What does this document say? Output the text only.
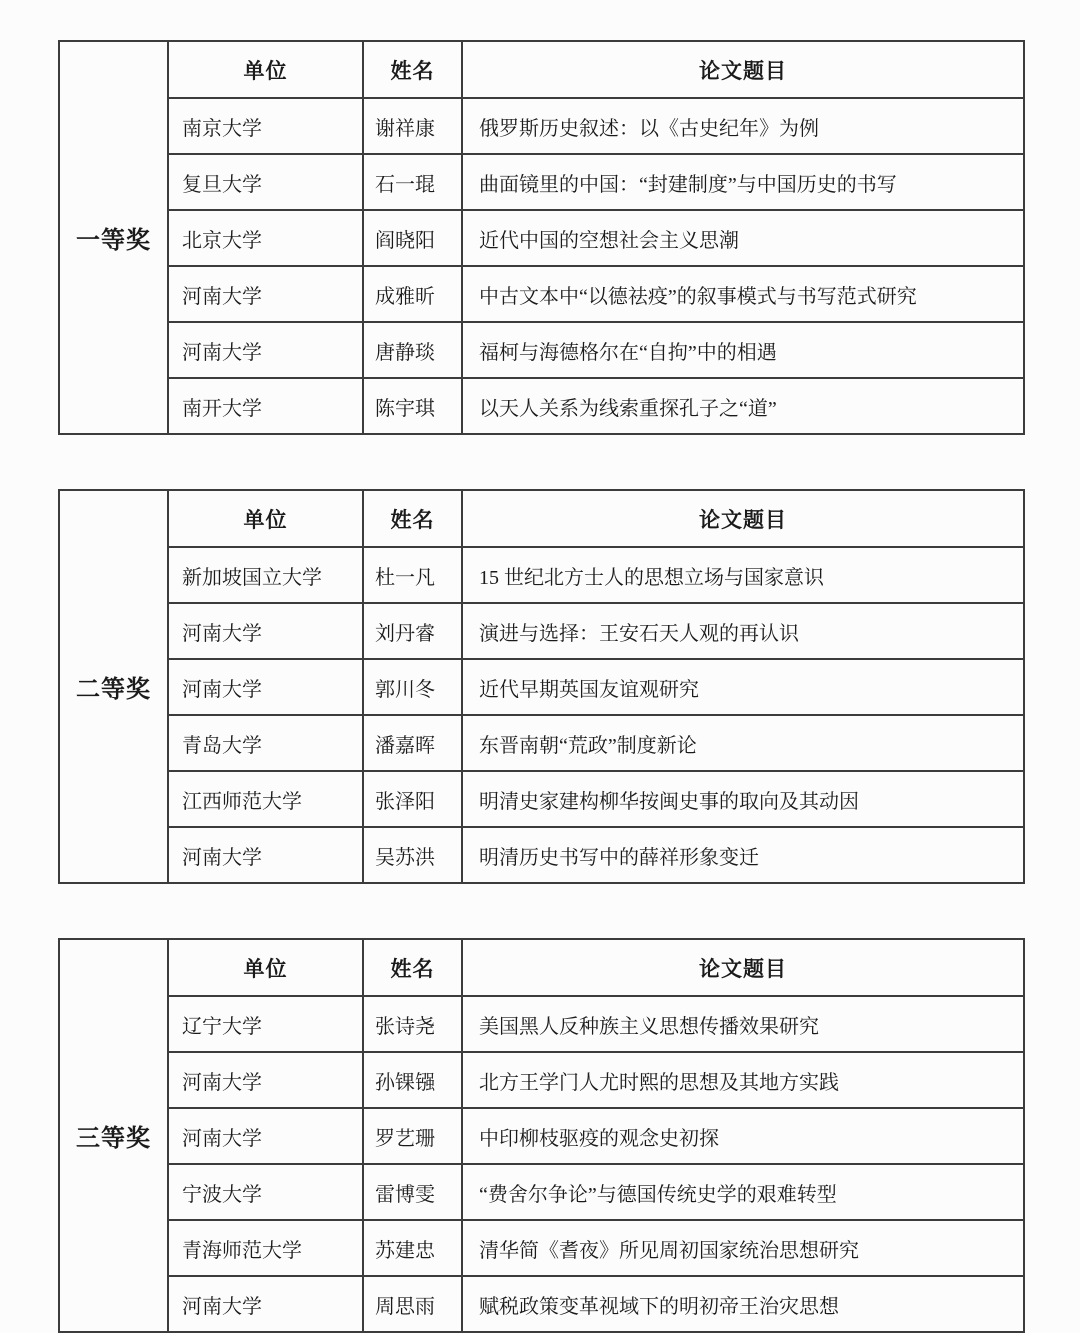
一等奖	单位	姓名	论文题目
	南京大学	谢祥康	俄罗斯历史叙述：以《古史纪年》为例
	复旦大学	石一琨	曲面镜里的中国：“封建制度”与中国历史的书写
	北京大学	阎晓阳	近代中国的空想社会主义思潮
	河南大学	成雅昕	中古文本中“以德祛疫”的叙事模式与书写范式研究
	河南大学	唐静琰	福柯与海德格尔在“自拘”中的相遇
	南开大学	陈宇琪	以天人关系为线索重探孔子之“道”
二等奖	单位	姓名	论文题目
	新加坡国立大学	杜一凡	15 世纪北方士人的思想立场与国家意识
	河南大学	刘丹睿	演进与选择：王安石天人观的再认识
	河南大学	郭川冬	近代早期英国友谊观研究
	青岛大学	潘嘉晖	东晋南朝“荒政”制度新论
	江西师范大学	张泽阳	明清史家建构柳华按闽史事的取向及其动因
	河南大学	吴苏洪	明清历史书写中的薛祥形象变迁
三等奖	单位	姓名	论文题目
	辽宁大学	张诗尧	美国黑人反种族主义思想传播效果研究
	河南大学	孙锞镪	北方王学门人尤时熙的思想及其地方实践
	河南大学	罗艺珊	中印柳枝驱疫的观念史初探
	宁波大学	雷博雯	“费舍尔争论”与德国传统史学的艰难转型
	青海师范大学	苏建忠	清华简《耆夜》所见周初国家统治思想研究
	河南大学	周思雨	赋税政策变革视域下的明初帝王治灾思想
